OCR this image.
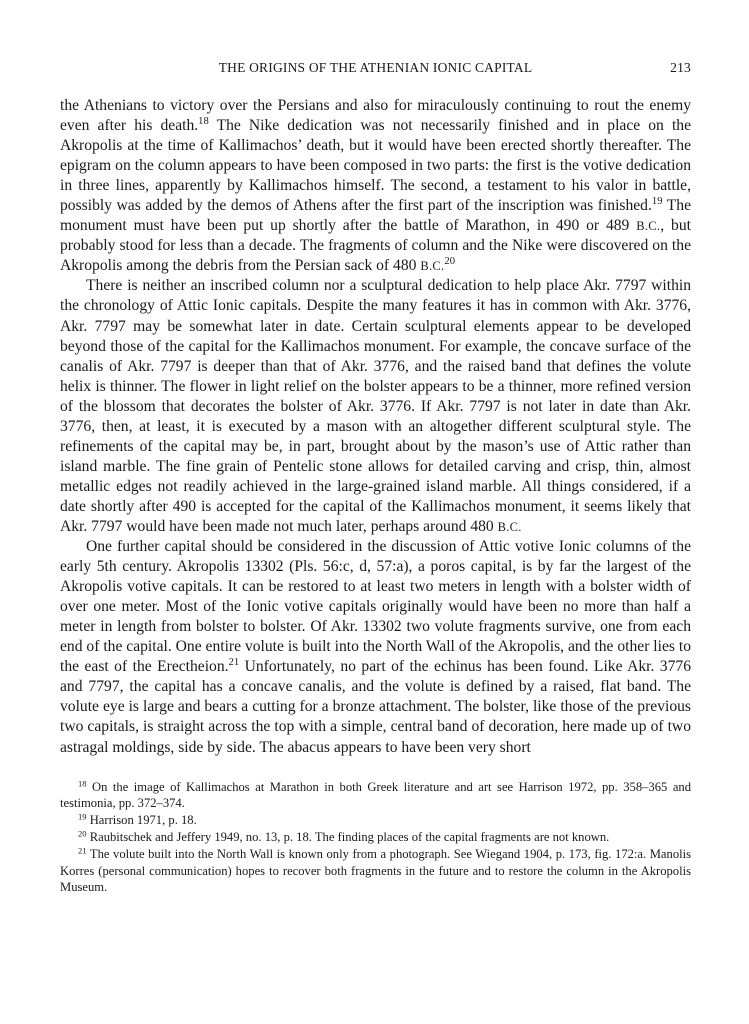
THE ORIGINS OF THE ATHENIAN IONIC CAPITAL	213

the Athenians to victory over the Persians and also for miraculously continuing to rout the enemy even after his death.$^{18}$ The Nike dedication was not necessarily finished and in place on the Akropolis at the time of Kallimachos’ death, but it would have been erected shortly thereafter. The epigram on the column appears to have been composed in two parts: the first is the votive dedication in three lines, apparently by Kallimachos himself. The second, a testament to his valor in battle, possibly was added by the demos of Athens after the first part of the inscription was finished.$^{19}$ The monument must have been put up shortly after the battle of Marathon, in 490 or 489 B.C., but probably stood for less than a decade. The fragments of column and the Nike were discovered on the Akropolis among the debris from the Persian sack of 480 B.C.$^{20}$

There is neither an inscribed column nor a sculptural dedication to help place Akr. 7797 within the chronology of Attic Ionic capitals. Despite the many features it has in common with Akr. 3776, Akr. 7797 may be somewhat later in date. Certain sculptural elements appear to be developed beyond those of the capital for the Kallimachos monument. For example, the concave surface of the canalis of Akr. 7797 is deeper than that of Akr. 3776, and the raised band that defines the volute helix is thinner. The flower in light relief on the bolster appears to be a thinner, more refined version of the blossom that decorates the bolster of Akr. 3776. If Akr. 7797 is not later in date than Akr. 3776, then, at least, it is executed by a mason with an altogether different sculptural style. The refinements of the capital may be, in part, brought about by the mason’s use of Attic rather than island marble. The fine grain of Pentelic stone allows for detailed carving and crisp, thin, almost metallic edges not readily achieved in the large-grained island marble. All things considered, if a date shortly after 490 is accepted for the capital of the Kallimachos monument, it seems likely that Akr. 7797 would have been made not much later, perhaps around 480 B.C.

One further capital should be considered in the discussion of Attic votive Ionic columns of the early 5th century. Akropolis 13302 (Pls. 56:c, d, 57:a), a poros capital, is by far the largest of the Akropolis votive capitals. It can be restored to at least two meters in length with a bolster width of over one meter. Most of the Ionic votive capitals originally would have been no more than half a meter in length from bolster to bolster. Of Akr. 13302 two volute fragments survive, one from each end of the capital. One entire volute is built into the North Wall of the Akropolis, and the other lies to the east of the Erectheion.$^{21}$ Unfortunately, no part of the echinus has been found. Like Akr. 3776 and 7797, the capital has a concave canalis, and the volute is defined by a raised, flat band. The volute eye is large and bears a cutting for a bronze attachment. The bolster, like those of the previous two capitals, is straight across the top with a simple, central band of decoration, here made up of two astragal moldings, side by side. The abacus appears to have been very short

$^{18}$ On the image of Kallimachos at Marathon in both Greek literature and art see Harrison 1972, pp. 358–365 and testimonia, pp. 372–374.

$^{19}$ Harrison 1971, p. 18.

$^{20}$ Raubitschek and Jeffery 1949, no. 13, p. 18. The finding places of the capital fragments are not known.

$^{21}$ The volute built into the North Wall is known only from a photograph. See Wiegand 1904, p. 173, fig. 172:a. Manolis Korres (personal communication) hopes to recover both fragments in the future and to restore the column in the Akropolis Museum.
